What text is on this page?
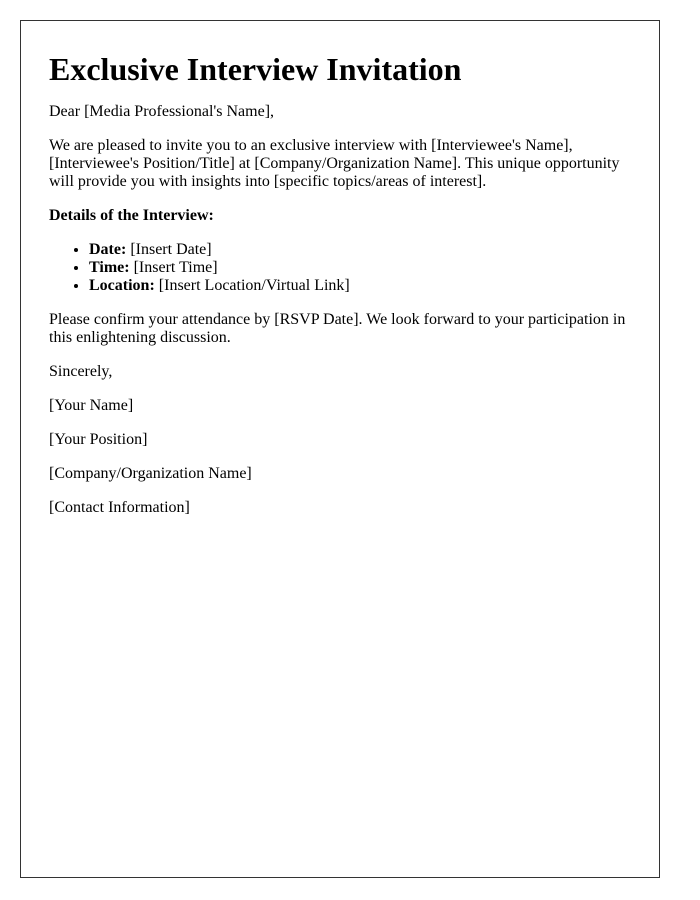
Exclusive Interview Invitation

Dear [Media Professional's Name],

We are pleased to invite you to an exclusive interview with [Interviewee's Name], [Interviewee's Position/Title] at [Company/Organization Name]. This unique opportunity will provide you with insights into [specific topics/areas of interest].

Details of the Interview:

• Date: [Insert Date]
• Time: [Insert Time]
• Location: [Insert Location/Virtual Link]

Please confirm your attendance by [RSVP Date]. We look forward to your participation in this enlightening discussion.

Sincerely,

[Your Name]

[Your Position]

[Company/Organization Name]

[Contact Information]
